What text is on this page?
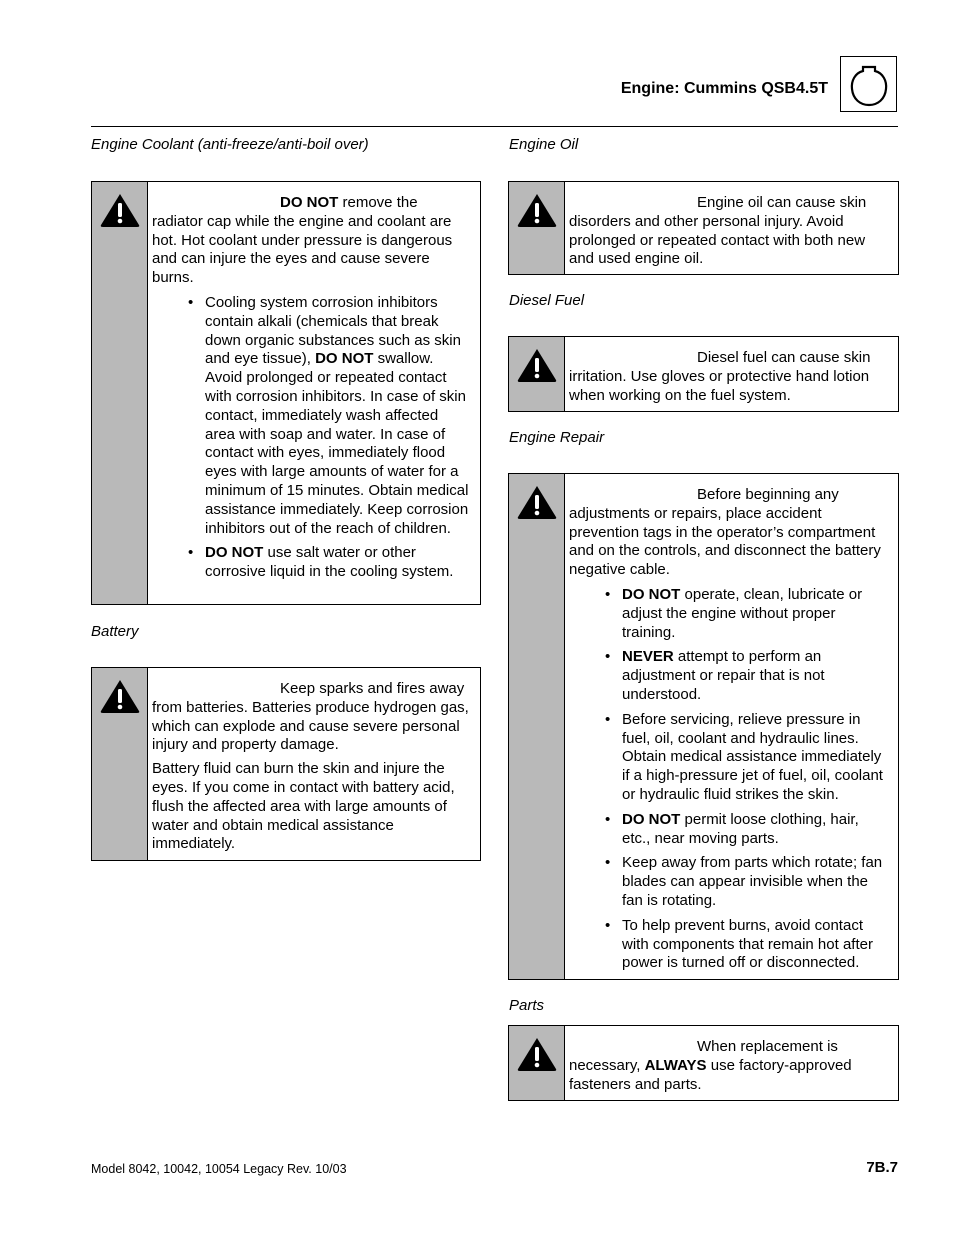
Engine: Cummins QSB4.5T
Engine Coolant (anti-freeze/anti-boil over)

DO NOT remove the radiator cap while the engine and coolant are hot. Hot coolant under pressure is dangerous and can injure the eyes and cause severe burns.

• Cooling system corrosion inhibitors contain alkali (chemicals that break down organic substances such as skin and eye tissue), DO NOT swallow. Avoid prolonged or repeated contact with corrosion inhibitors. In case of skin contact, immediately wash affected area with soap and water. In case of contact with eyes, immediately flood eyes with large amounts of water for a minimum of 15 minutes. Obtain medical assistance immediately. Keep corrosion inhibitors out of the reach of children.
• DO NOT use salt water or other corrosive liquid in the cooling system.
Battery

Keep sparks and fires away from batteries. Batteries produce hydrogen gas, which can explode and cause severe personal injury and property damage.

Battery fluid can burn the skin and injure the eyes. If you come in contact with battery acid, flush the affected area with large amounts of water and obtain medical assistance immediately.

Engine Oil

Engine oil can cause skin disorders and other personal injury. Avoid prolonged or repeated contact with both new and used engine oil.

Diesel Fuel

Diesel fuel can cause skin irritation. Use gloves or protective hand lotion when working on the fuel system.

Engine Repair

Before beginning any adjustments or repairs, place accident prevention tags in the operator’s compartment and on the controls, and disconnect the battery negative cable.

• DO NOT operate, clean, lubricate or adjust the engine without proper training.
• NEVER attempt to perform an adjustment or repair that is not understood.
• Before servicing, relieve pressure in fuel, oil, coolant and hydraulic lines. Obtain medical assistance immediately if a high-pressure jet of fuel, oil, coolant or hydraulic fluid strikes the skin.
• DO NOT permit loose clothing, hair, etc., near moving parts.
• Keep away from parts which rotate; fan blades can appear invisible when the fan is rotating.
• To help prevent burns, avoid contact with components that remain hot after power is turned off or disconnected.
Parts

When replacement is necessary, ALWAYS use factory-approved fasteners and parts.

Model 8042, 10042, 10054 Legacy Rev. 10/03	7B.7
